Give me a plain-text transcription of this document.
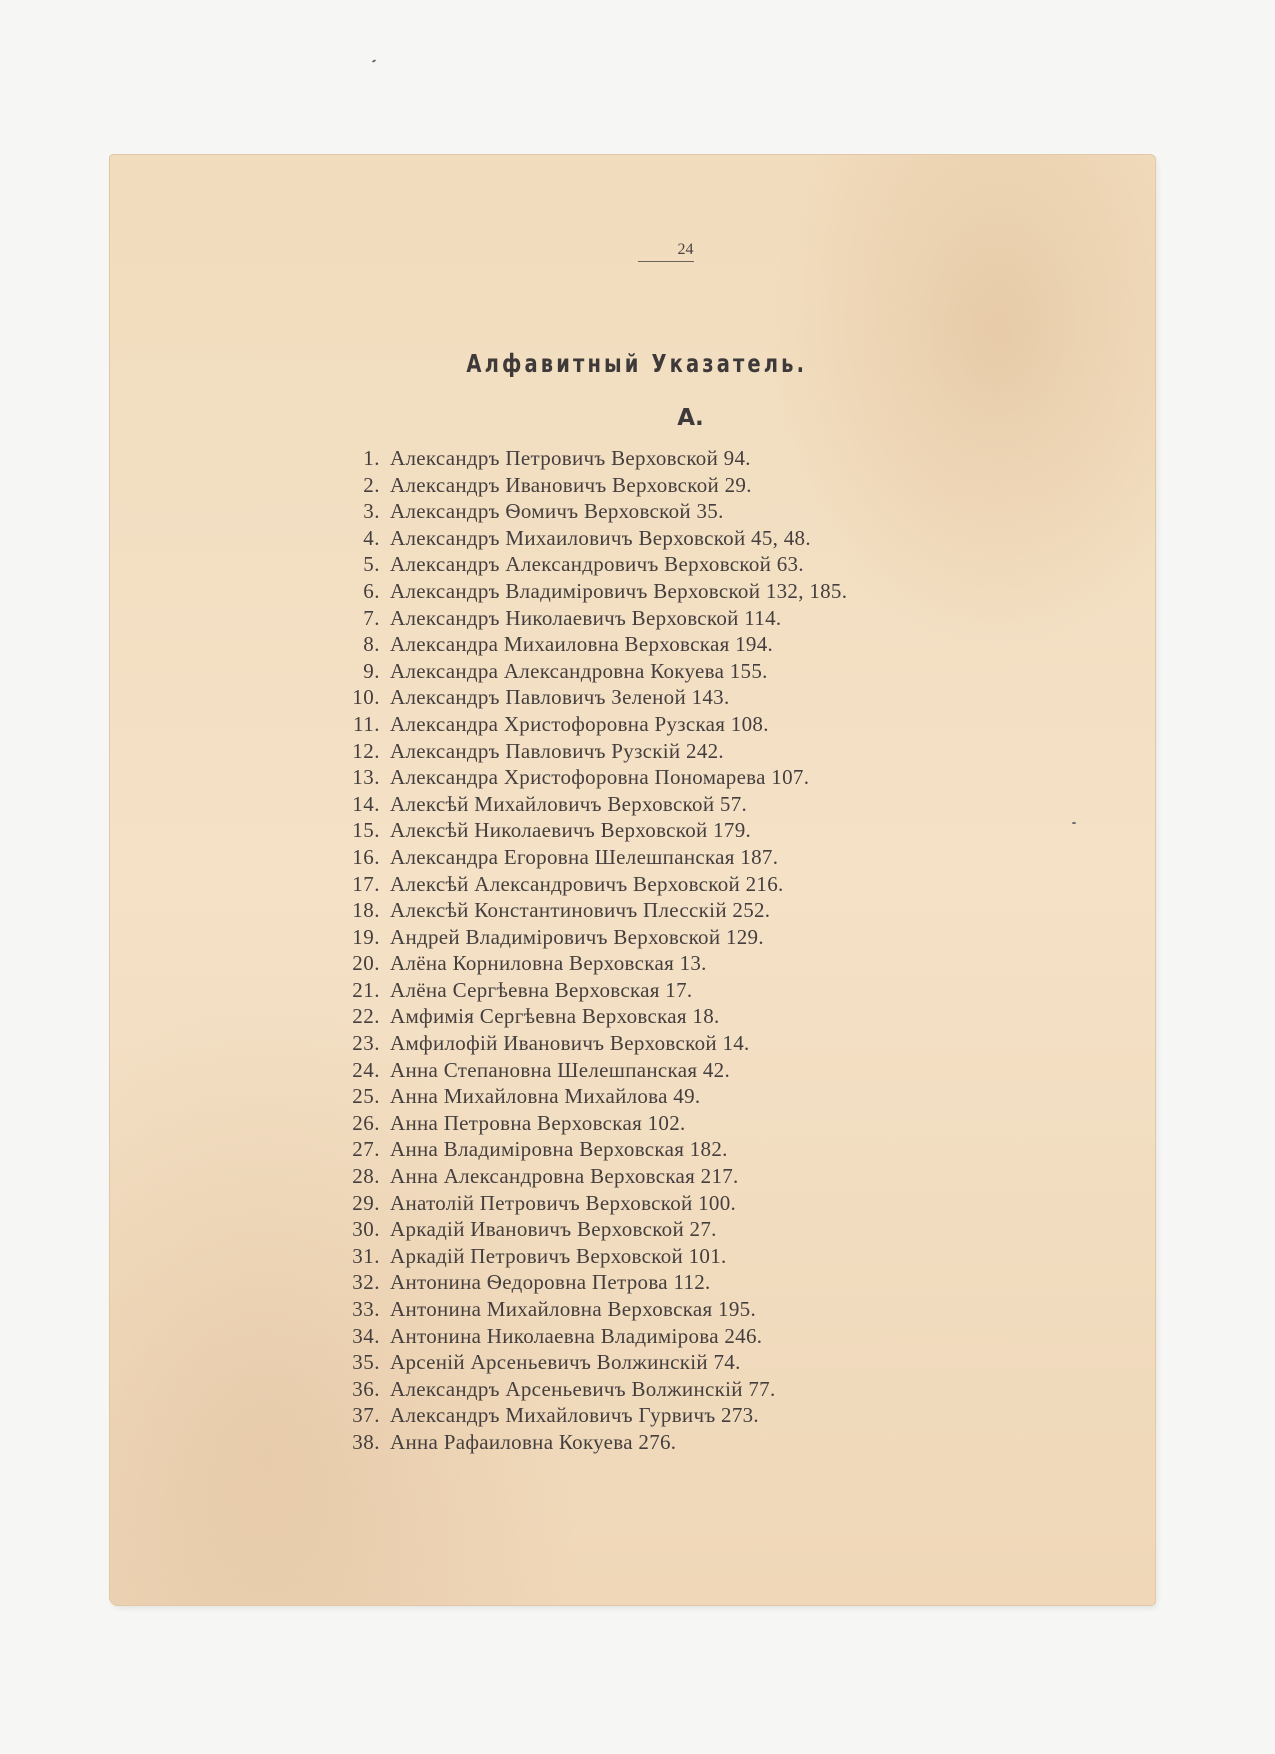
24
Алфавитный Указатель.
А.
1. Александръ Петровичъ Верховской 94.
2. Александръ Ивановичъ Верховской 29.
3. Александръ Ѳомичъ Верховской 35.
4. Александръ Михаиловичъ Верховской 45, 48.
5. Александръ Александровичъ Верховской 63.
6. Александръ Владиміровичъ Верховской 132, 185.
7. Александръ Николаевичъ Верховской 114.
8. Александра Михаиловна Верховская 194.
9. Александра Александровна Кокуева 155.
10. Александръ Павловичъ Зеленой 143.
11. Александра Христофоровна Рузская 108.
12. Александръ Павловичъ Рузскій 242.
13. Александра Христофоровна Пономарева 107.
14. Алексѣй Михайловичъ Верховской 57.
15. Алексѣй Николаевичъ Верховской 179.
16. Александра Егоровна Шелешпанская 187.
17. Алексѣй Александровичъ Верховской 216.
18. Алексѣй Константиновичъ Плесскій 252.
19. Андрей Владиміровичъ Верховской 129.
20. Алёна Корниловна Верховская 13.
21. Алёна Сергѣевна Верховская 17.
22. Амфимія Сергѣевна Верховская 18.
23. Амфилофій Ивановичъ Верховской 14.
24. Анна Степановна Шелешпанская 42.
25. Анна Михайловна Михайлова 49.
26. Анна Петровна Верховская 102.
27. Анна Владиміровна Верховская 182.
28. Анна Александровна Верховская 217.
29. Анатолій Петровичъ Верховской 100.
30. Аркадій Ивановичъ Верховской 27.
31. Аркадій Петровичъ Верховской 101.
32. Антонина Ѳедоровна Петрова 112.
33. Антонина Михайловна Верховская 195.
34. Антонина Николаевна Владимірова 246.
35. Арсеній Арсеньевичъ Волжинскій 74.
36. Александръ Арсеньевичъ Волжинскій 77.
37. Александръ Михайловичъ Гурвичъ 273.
38. Анна Рафаиловна Кокуева 276.
